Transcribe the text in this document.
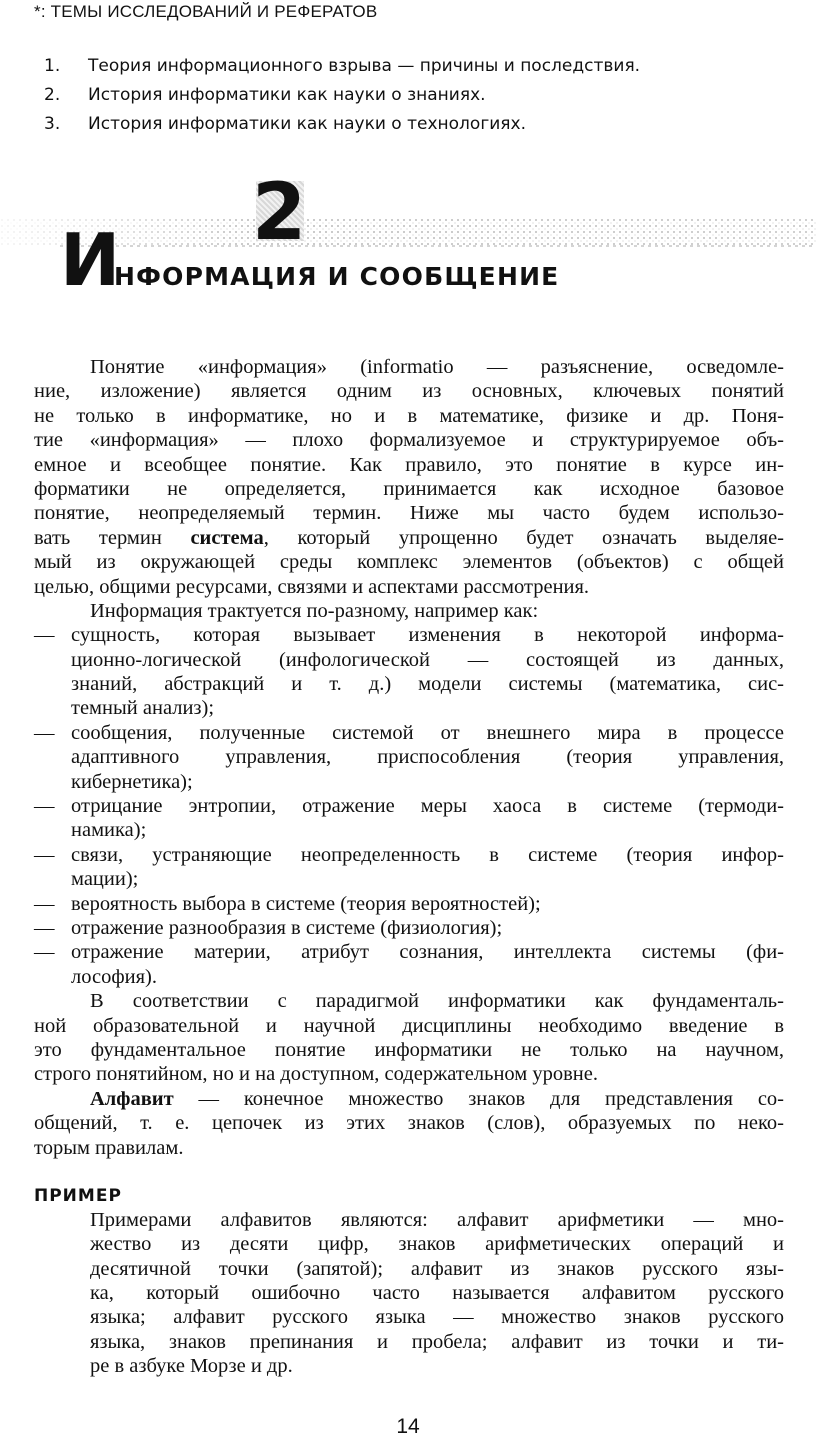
*: ТЕМЫ ИССЛЕДОВАНИЙ И РЕФЕРАТОВ
1. Теория информационного взрыва — причины и последствия.
2. История информатики как науки о знаниях.
3. История информатики как науки о технологиях.
2
И
НФОРМАЦИЯ И СООБЩЕНИЕ
Понятие «информация» (informatio — разъяснение, осведомле-
ние, изложение) является одним из основных, ключевых понятий
не только в информатике, но и в математике, физике и др. Поня-
тие «информация» — плохо формализуемое и структурируемое объ-
емное и всеобщее понятие. Как правило, это понятие в курсе ин-
форматики не определяется, принимается как исходное базовое
понятие, неопределяемый термин. Ниже мы часто будем использо-
вать термин система, который упрощенно будет означать выделяе-
мый из окружающей среды комплекс элементов (объектов) с общей
целью, общими ресурсами, связями и аспектами рассмотрения.
Информация трактуется по-разному, например как:
— сущность, которая вызывает изменения в некоторой информа-
ционно-логической (инфологической — состоящей из данных,
знаний, абстракций и т. д.) модели системы (математика, сис-
темный анализ);
— сообщения, полученные системой от внешнего мира в процессе
адаптивного управления, приспособления (теория управления,
кибернетика);
— отрицание энтропии, отражение меры хаоса в системе (термоди-
намика);
— связи, устраняющие неопределенность в системе (теория инфор-
мации);
— вероятность выбора в системе (теория вероятностей);
— отражение разнообразия в системе (физиология);
— отражение материи, атрибут сознания, интеллекта системы (фи-
лософия).
В соответствии с парадигмой информатики как фундаменталь-
ной образовательной и научной дисциплины необходимо введение в
это фундаментальное понятие информатики не только на научном,
строго понятийном, но и на доступном, содержательном уровне.
Алфавит — конечное множество знаков для представления со-
общений, т. е. цепочек из этих знаков (слов), образуемых по неко-
торым правилам.
ПРИМЕР
Примерами алфавитов являются: алфавит арифметики — мно-
жество из десяти цифр, знаков арифметических операций и
десятичной точки (запятой); алфавит из знаков русского язы-
ка, который ошибочно часто называется алфавитом русского
языка; алфавит русского языка — множество знаков русского
языка, знаков препинания и пробела; алфавит из точки и ти-
ре в азбуке Морзе и др.
14
